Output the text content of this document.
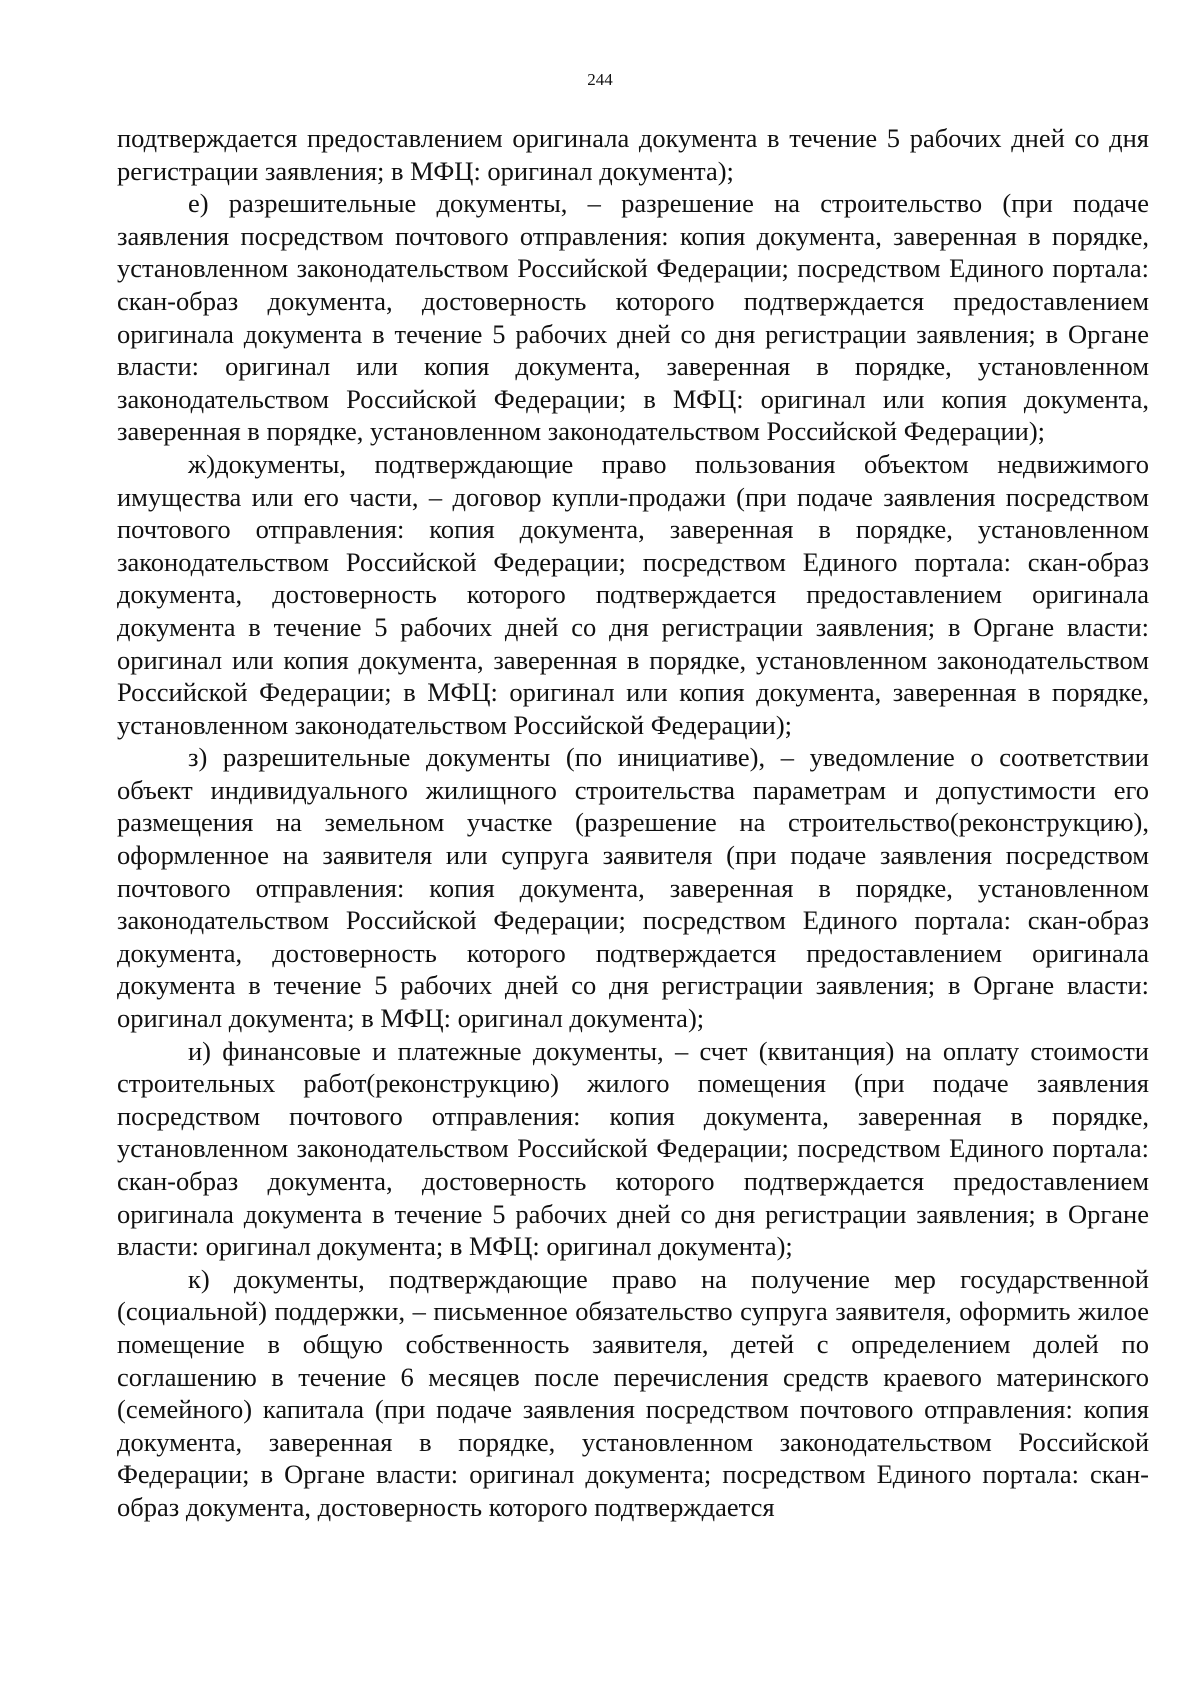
244

подтверждается предоставлением оригинала документа в течение 5 рабочих дней со дня регистрации заявления; в МФЦ: оригинал документа);

е) разрешительные документы, – разрешение на строительство (при подаче заявления посредством почтового отправления: копия документа, заверенная в порядке, установленном законодательством Российской Федерации; посредством Единого портала: скан-образ документа, достоверность которого подтверждается предоставлением оригинала документа в течение 5 рабочих дней со дня регистрации заявления; в Органе власти: оригинал или копия документа, заверенная в порядке, установленном законодательством Российской Федерации; в МФЦ: оригинал или копия документа, заверенная в порядке, установленном законодательством Российской Федерации);

ж)документы, подтверждающие право пользования объектом недвижимого имущества или его части, – договор купли-продажи (при подаче заявления посредством почтового отправления: копия документа, заверенная в порядке, установленном законодательством Российской Федерации; посредством Единого портала: скан-образ документа, достоверность которого подтверждается предоставлением оригинала документа в течение 5 рабочих дней со дня регистрации заявления; в Органе власти: оригинал или копия документа, заверенная в порядке, установленном законодательством Российской Федерации; в МФЦ: оригинал или копия документа, заверенная в порядке, установленном законодательством Российской Федерации);

з) разрешительные документы (по инициативе), – уведомление о соответствии объект индивидуального жилищного строительства параметрам и допустимости его размещения на земельном участке (разрешение на строительство(реконструкцию), оформленное на заявителя или супруга заявителя (при подаче заявления посредством почтового отправления: копия документа, заверенная в порядке, установленном законодательством Российской Федерации; посредством Единого портала: скан-образ документа, достоверность которого подтверждается предоставлением оригинала документа в течение 5 рабочих дней со дня регистрации заявления; в Органе власти: оригинал документа; в МФЦ: оригинал документа);

и) финансовые и платежные документы, – счет (квитанция) на оплату стоимости строительных работ(реконструкцию) жилого помещения (при подаче заявления посредством почтового отправления: копия документа, заверенная в порядке, установленном законодательством Российской Федерации; посредством Единого портала: скан-образ документа, достоверность которого подтверждается предоставлением оригинала документа в течение 5 рабочих дней со дня регистрации заявления; в Органе власти: оригинал документа; в МФЦ: оригинал документа);

к) документы, подтверждающие право на получение мер государственной (социальной) поддержки, – письменное обязательство супруга заявителя, оформить жилое помещение в общую собственность заявителя, детей с определением долей по соглашению в течение 6 месяцев после перечисления средств краевого материнского (семейного) капитала (при подаче заявления посредством почтового отправления: копия документа, заверенная в порядке, установленном законодательством Российской Федерации; в Органе власти: оригинал документа; посредством Единого портала: скан-образ документа, достоверность которого подтверждается
